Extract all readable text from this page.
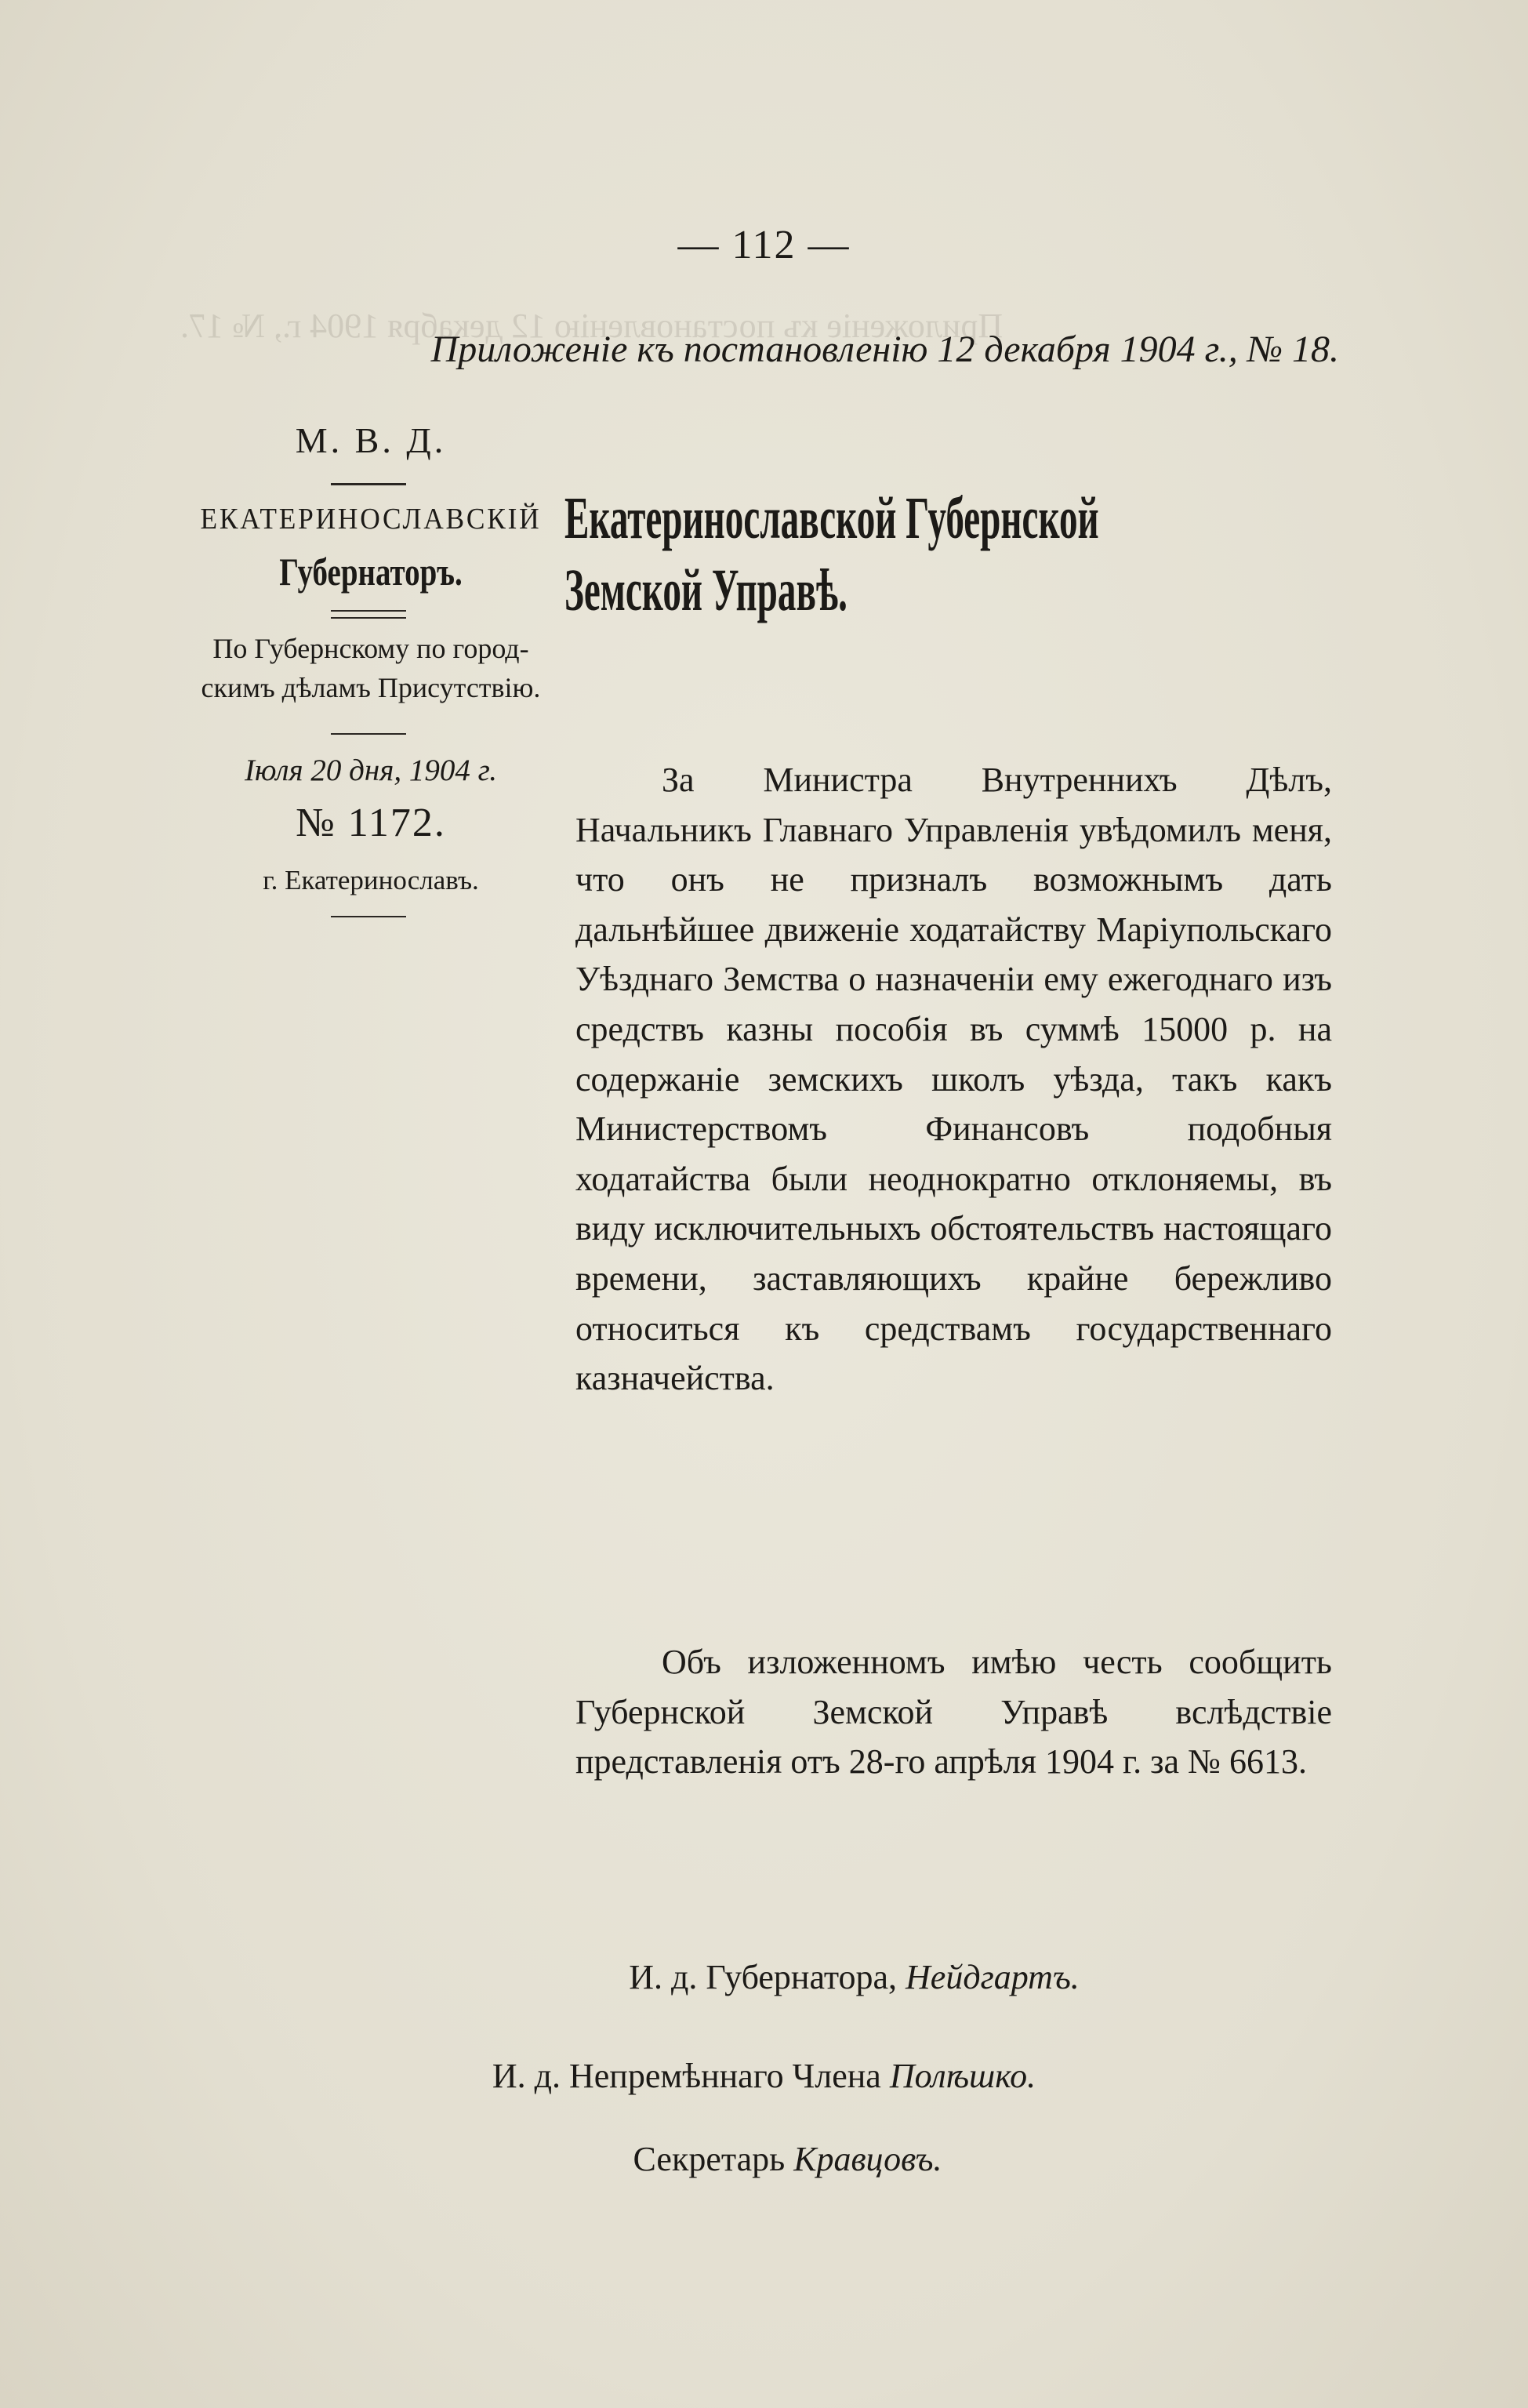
Приложеніе къ постановленію 12 декабря 1904 г., № 17.
— 112 —
Приложеніе къ постановленію 12 декабря 1904 г., № 18.
М. В. Д.
ЕКАТЕРИНОСЛАВСКІЙ
Губернаторъ.
По Губернскому по город-
скимъ дѣламъ Присутствію.
Іюля 20 дня, 1904 г.
№ 1172.
г. Екатеринославъ.
Екатеринославской Губернской
Земской Управѣ.
За Министра Внутреннихъ Дѣлъ, Начальникъ Главнаго Управленія увѣдомилъ меня, что онъ не призналъ возможнымъ дать дальнѣйшее движеніе ходатайству Маріупольскаго Уѣзднаго Земства о назначеніи ему ежегоднаго изъ средствъ казны пособія въ суммѣ 15000 р. на содержаніе земскихъ школъ уѣзда, такъ какъ Министерствомъ Финансовъ подобныя ходатайства были неоднократно отклоняемы, въ виду исключительныхъ обстоятельствъ настоящаго времени, заставляющихъ крайне бережливо относиться къ средствамъ государственнаго казначейства.
Объ изложенномъ имѣю честь сообщить Губернской Земской Управѣ вслѣдствіе представленія отъ 28-го апрѣля 1904 г. за № 6613.
И. д. Губернатора, Нейдгартъ.
И. д. Непремѣннаго Члена Полѣшко.
Секретарь Кравцовъ.
